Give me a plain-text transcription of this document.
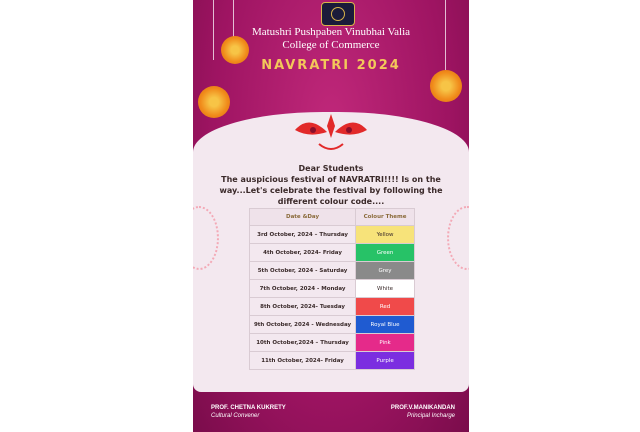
Matushri Pushpaben Vinubhai Valia
College of Commerce
NAVRATRI 2024
Dear Students
The auspicious festival of NAVRATRI!!!! Is on the way...Let's celebrate the festival by following the different colour code....
Date &Day	Colour Theme
3rd October, 2024 – Thursday	Yellow
4th October, 2024- Friday	Green
5th October, 2024 - Saturday	Grey
7th October, 2024 - Monday	White
8th October, 2024- Tuesday	Red
9th October, 2024 - Wednesday	Royal Blue
10th October,2024 – Thursday	Pink
11th October, 2024- Friday	Purple
PROF. CHETNA KUKRETY
Cultural Convener
PROF.V.MANIKANDAN
Principal Incharge
